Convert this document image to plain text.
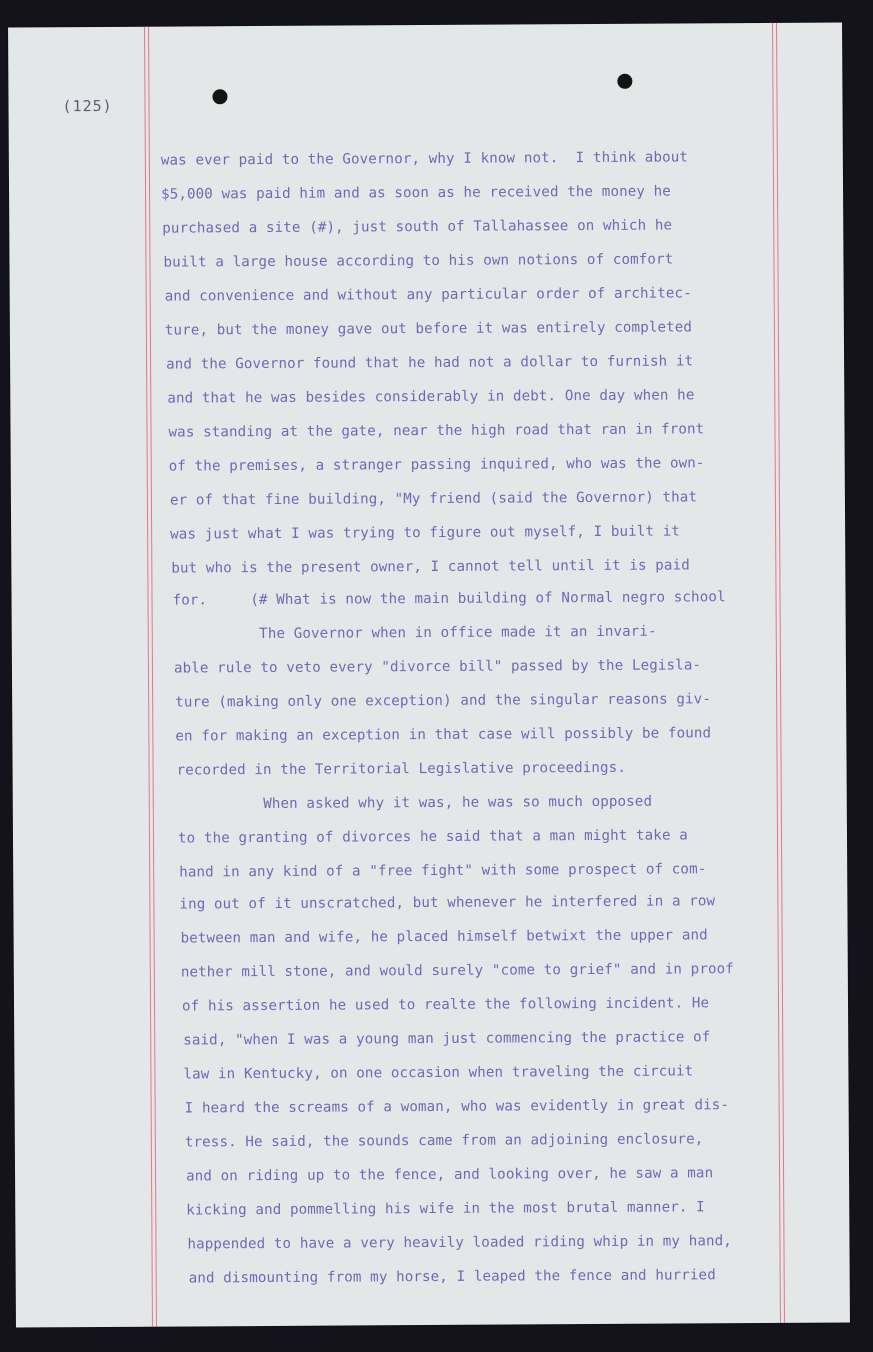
(125)
was ever paid to the Governor, why I know not.  I think about
$5,000 was paid him and as soon as he received the money he
purchased a site (#), just south of Tallahassee on which he
built a large house according to his own notions of comfort
and convenience and without any particular order of architec-
ture, but the money gave out before it was entirely completed
and the Governor found that he had not a dollar to furnish it
and that he was besides considerably in debt. One day when he
was standing at the gate, near the high road that ran in front
of the premises, a stranger passing inquired, who was the own-
er of that fine building, "My friend (said the Governor) that
was just what I was trying to figure out myself, I built it
but who is the present owner, I cannot tell until it is paid
for.     (# What is now the main building of Normal negro school
The Governor when in office made it an invari-
able rule to veto every "divorce bill" passed by the Legisla-
ture (making only one exception) and the singular reasons giv-
en for making an exception in that case will possibly be found
recorded in the Territorial Legislative proceedings.
When asked why it was, he was so much opposed
to the granting of divorces he said that a man might take a
hand in any kind of a "free fight" with some prospect of com-
ing out of it unscratched, but whenever he interfered in a row
between man and wife, he placed himself betwixt the upper and
nether mill stone, and would surely "come to grief" and in proof
of his assertion he used to realte the following incident. He
said, "when I was a young man just commencing the practice of
law in Kentucky, on one occasion when traveling the circuit
I heard the screams of a woman, who was evidently in great dis-
tress. He said, the sounds came from an adjoining enclosure,
and on riding up to the fence, and looking over, he saw a man
kicking and pommelling his wife in the most brutal manner. I
happended to have a very heavily loaded riding whip in my hand,
and dismounting from my horse, I leaped the fence and hurried
